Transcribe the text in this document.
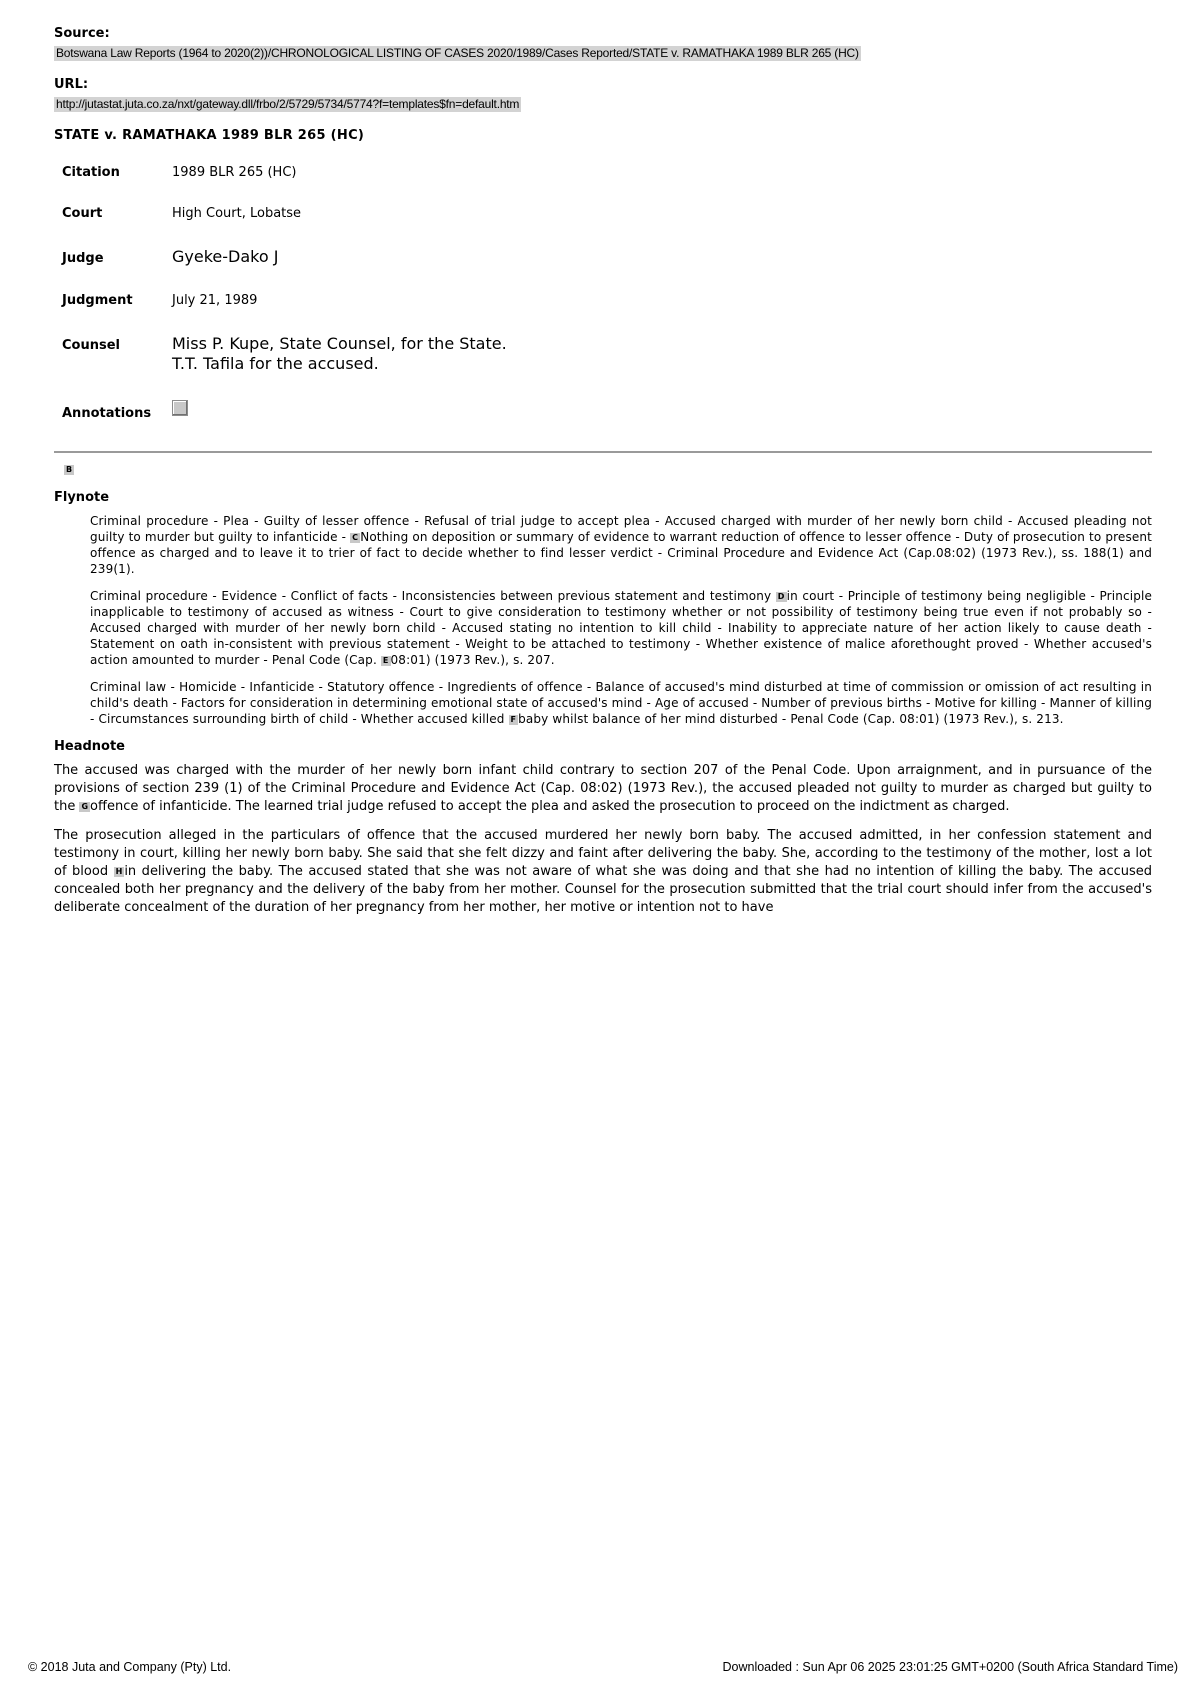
Source:

Botswana Law Reports (1964 to 2020(2))/CHRONOLOGICAL LISTING OF CASES 2020/1989/Cases Reported/STATE v. RAMATHAKA 1989 BLR 265 (HC)

URL:

http://jutastat.juta.co.za/nxt/gateway.dll/frbo/2/5729/5734/5774?f=templates$fn=default.htm

STATE v. RAMATHAKA 1989 BLR 265 (HC)

Citation	1989 BLR 265 (HC)

Court	High Court, Lobatse

Judge	Gyeke-Dako J

Judgment	July 21, 1989

Counsel	Miss P. Kupe, State Counsel, for the State.
T.T. Tafila for the accused.

Annotations	
B
Flynote

Criminal procedure - Plea - Guilty of lesser offence - Refusal of trial judge to accept plea - Accused charged with murder of her newly born child - Accused pleading not guilty to murder but guilty to infanticide - C Nothing on deposition or summary of evidence to warrant reduction of offence to lesser offence - Duty of prosecution to present offence as charged and to leave it to trier of fact to decide whether to find lesser verdict - Criminal Procedure and Evidence Act (Cap.08:02) (1973 Rev.), ss. 188(1) and 239(1).

Criminal procedure - Evidence - Conflict of facts - Inconsistencies between previous statement and testimony D in court - Principle of testimony being negligible - Principle inapplicable to testimony of accused as witness - Court to give consideration to testimony whether or not possibility of testimony being true even if not probably so - Accused charged with murder of her newly born child - Accused stating no intention to kill child - Inability to appreciate nature of her action likely to cause death - Statement on oath in-consistent with previous statement - Weight to be attached to testimony - Whether existence of malice aforethought proved - Whether accused's action amounted to murder - Penal Code (Cap. E 08:01) (1973 Rev.), s. 207.

Criminal law - Homicide - Infanticide - Statutory offence - Ingredients of offence - Balance of accused's mind disturbed at time of commission or omission of act resulting in child's death - Factors for consideration in determining emotional state of accused's mind - Age of accused - Number of previous births - Motive for killing - Manner of killing - Circumstances surrounding birth of child - Whether accused killed F baby whilst balance of her mind disturbed - Penal Code (Cap. 08:01) (1973 Rev.), s. 213.

Headnote

The accused was charged with the murder of her newly born infant child contrary to section 207 of the Penal Code. Upon arraignment, and in pursuance of the provisions of section 239 (1) of the Criminal Procedure and Evidence Act (Cap. 08:02) (1973 Rev.), the accused pleaded not guilty to murder as charged but guilty to the G offence of infanticide. The learned trial judge refused to accept the plea and asked the prosecution to proceed on the indictment as charged.

The prosecution alleged in the particulars of offence that the accused murdered her newly born baby. The accused admitted, in her confession statement and testimony in court, killing her newly born baby. She said that she felt dizzy and faint after delivering the baby. She, according to the testimony of the mother, lost a lot of blood H in delivering the baby. The accused stated that she was not aware of what she was doing and that she had no intention of killing the baby. The accused concealed both her pregnancy and the delivery of the baby from her mother. Counsel for the prosecution submitted that the trial court should infer from the accused's deliberate concealment of the duration of her pregnancy from her mother, her motive or intention not to have

© 2018 Juta and Company (Pty) Ltd.	Downloaded : Sun Apr 06 2025 23:01:25 GMT+0200 (South Africa Standard Time)
